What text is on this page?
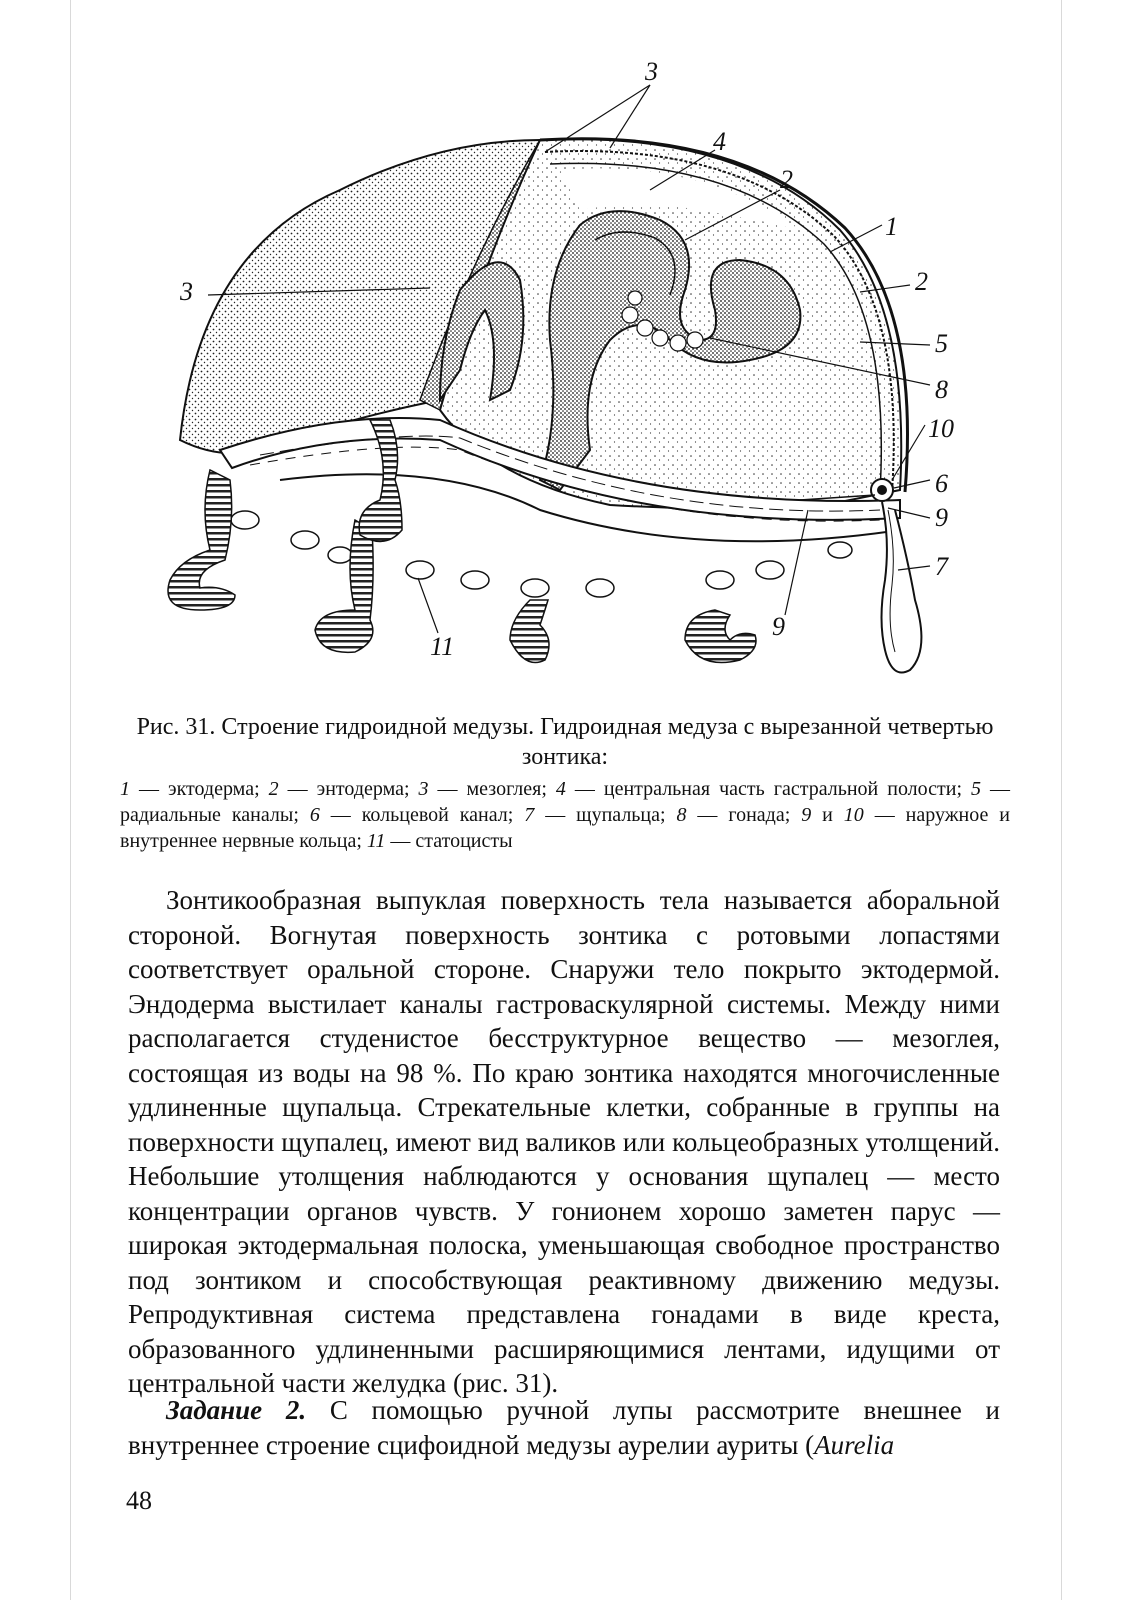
3
4
2
1
2
5
8
3
10
6
9
7
9
11
Рис. 31. Строение гидроидной медузы. Гидроидная медуза с вырезанной четвертью зонтика:
1 — эктодерма; 2 — энтодерма; 3 — мезоглея; 4 — центральная часть гастральной полости; 5 — радиальные каналы; 6 — кольцевой канал; 7 — щупальца; 8 — гонада; 9 и 10 — наружное и внутреннее нервные кольца; 11 — статоцисты

Зонтикообразная выпуклая поверхность тела называется аборальной стороной. Вогнутая поверхность зонтика с ротовыми лопастями соответствует оральной стороне. Снаружи тело покрыто эктодермой. Эндодерма выстилает каналы гастроваскулярной системы. Между ними располагается студенистое бесструктурное вещество — мезоглея, состоящая из воды на 98 %. По краю зонтика находятся многочисленные удлиненные щупальца. Стрекательные клетки, собранные в группы на поверхности щупалец, имеют вид валиков или кольцеобразных утолщений. Небольшие утолщения наблюдаются у основания щупалец — место концентрации органов чувств. У гонионем хорошо заметен парус — широкая эктодермальная полоска, уменьшающая свободное пространство под зонтиком и способствующая реактивному движению медузы. Репродуктивная система представлена гонадами в виде креста, образованного удлиненными расширяющимися лентами, идущими от центральной части желудка (рис. 31).

Задание 2. С помощью ручной лупы рассмотрите внешнее и внутреннее строение сцифоидной медузы аурелии ауриты (Aurelia

48
